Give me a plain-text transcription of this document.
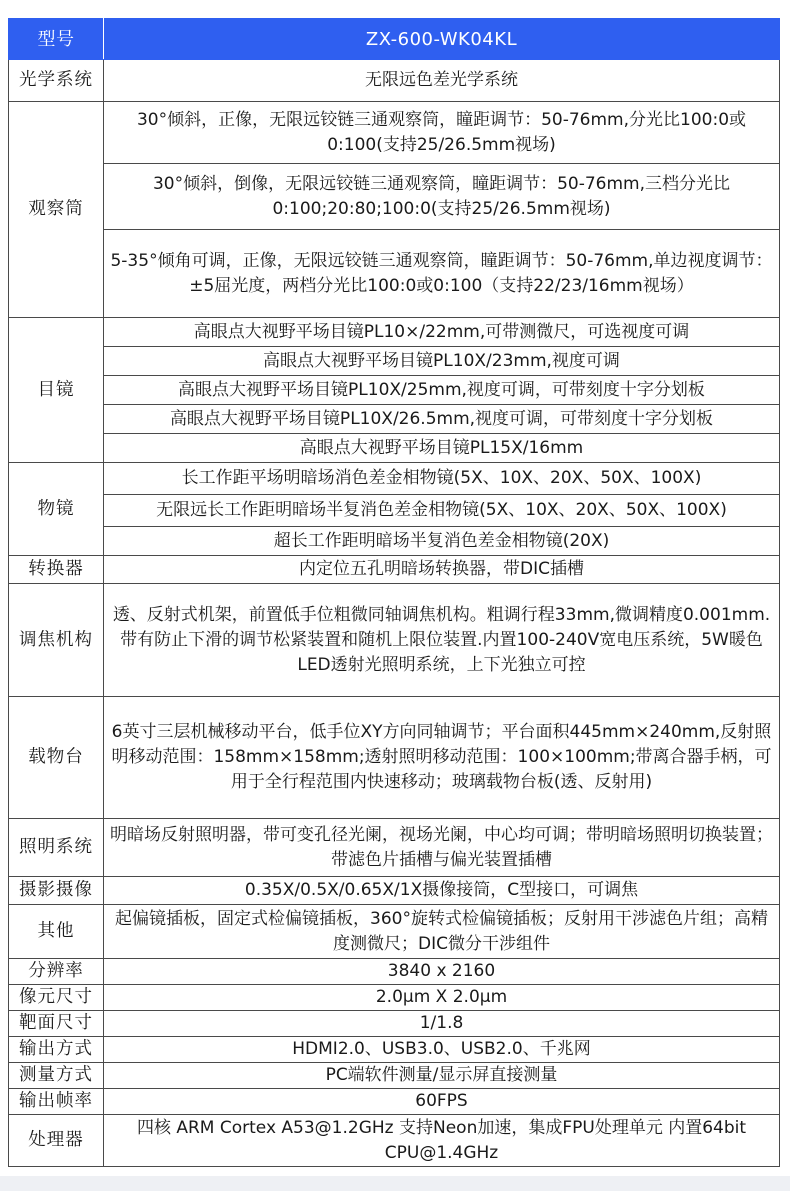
型号	ZX-600-WK04KL
光学系统	无限远色差光学系统
观察筒	30°倾斜，正像，无限远铰链三通观察筒，瞳距调节：50-76mm,分光比100:0或0:100(支持25/26.5mm视场)
	30°倾斜，倒像，无限远铰链三通观察筒，瞳距调节：50-76mm,三档分光比0:100;20:80;100:0(支持25/26.5mm视场)
	5-35°倾角可调，正像，无限远铰链三通观察筒，瞳距调节：50-76mm,单边视度调节：±5屈光度，两档分光比100:0或0:100（支持22/23/16mm视场）
目镜	高眼点大视野平场目镜PL10×/22mm,可带测微尺，可选视度可调
	高眼点大视野平场目镜PL10X/23mm,视度可调
	高眼点大视野平场目镜PL10X/25mm,视度可调，可带刻度十字分划板
	高眼点大视野平场目镜PL10X/26.5mm,视度可调，可带刻度十字分划板
	高眼点大视野平场目镜PL15X/16mm
物镜	长工作距平场明暗场消色差金相物镜(5X、10X、20X、50X、100X)
	无限远长工作距明暗场半复消色差金相物镜(5X、10X、20X、50X、100X)
	超长工作距明暗场半复消色差金相物镜(20X)
转换器	内定位五孔明暗场转换器，带DIC插槽
调焦机构	透、反射式机架，前置低手位粗微同轴调焦机构。粗调行程33mm,微调精度0.001mm.带有防止下滑的调节松紧装置和随机上限位装置.内置100-240V宽电压系统，5W暖色LED透射光照明系统，上下光独立可控
载物台	6英寸三层机械移动平台，低手位XY方向同轴调节；平台面积445mm×240mm,反射照明移动范围：158mm×158mm;透射照明移动范围：100×100mm;带离合器手柄，可用于全行程范围内快速移动；玻璃载物台板(透、反射用)
照明系统	明暗场反射照明器，带可变孔径光阑，视场光阑，中心均可调；带明暗场照明切换装置；带滤色片插槽与偏光装置插槽
摄影摄像	0.35X/0.5X/0.65X/1X摄像接筒，C型接口，可调焦
其他	起偏镜插板，固定式检偏镜插板，360°旋转式检偏镜插板；反射用干涉滤色片组；高精度测微尺；DIC微分干涉组件
分辨率	3840 x 2160
像元尺寸	2.0μm X 2.0μm
靶面尺寸	1/1.8
输出方式	HDMI2.0、USB3.0、USB2.0、千兆网
测量方式	PC端软件测量/显示屏直接测量
输出帧率	60FPS
处理器	四核 ARM Cortex A53@1.2GHz 支持Neon加速，集成FPU处理单元 内置64bit CPU@1.4GHz
